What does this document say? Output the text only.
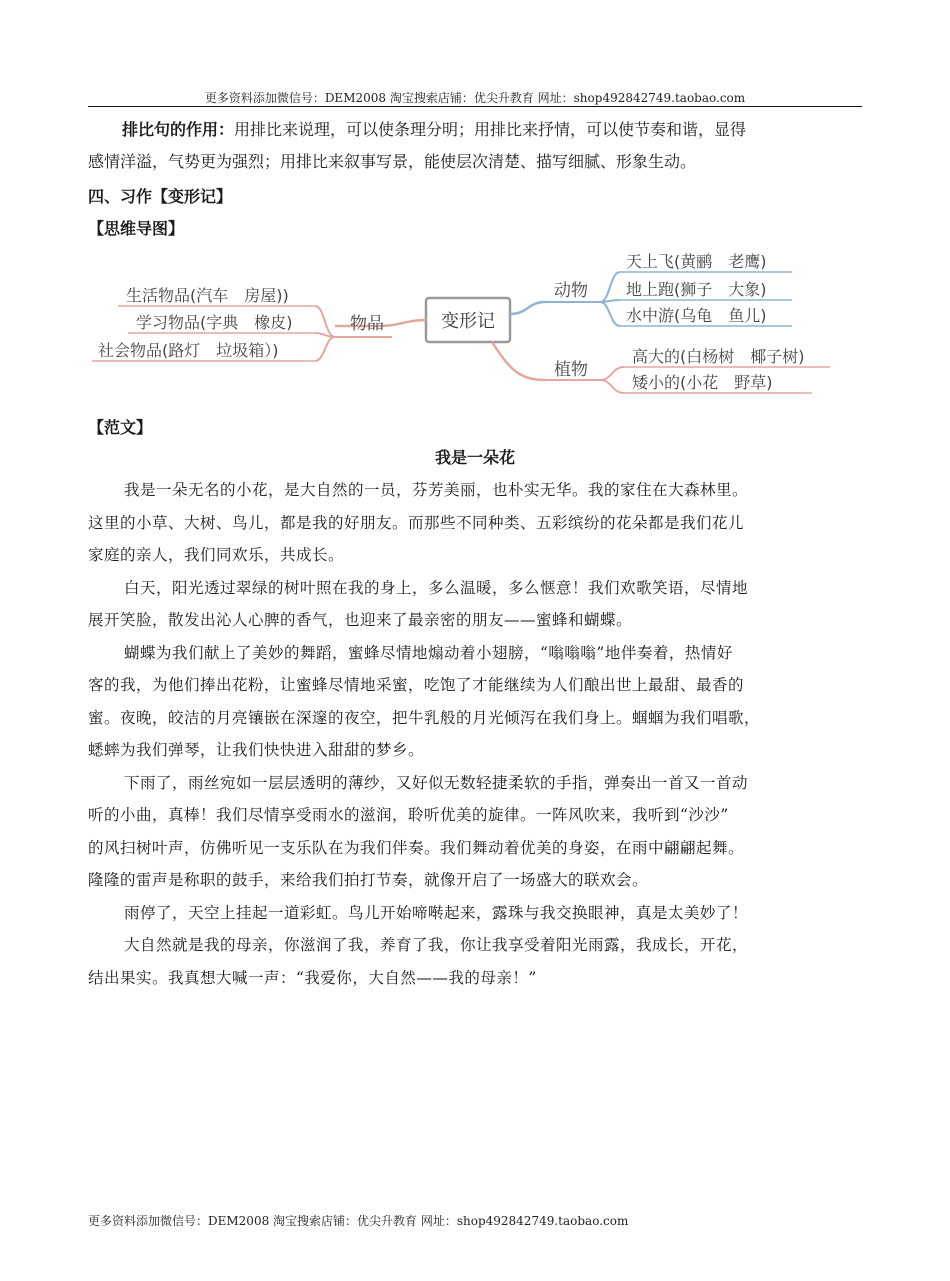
更多资料添加微信号：DEM2008 淘宝搜索店铺：优尖升教育 网址：shop492842749.taobao.com
排比句的作用：用排比来说理，可以使条理分明；用排比来抒情，可以使节奏和谐，显得
感情洋溢，气势更为强烈；用排比来叙事写景，能使层次清楚、描写细腻、形象生动。
四、习作【变形记】
【思维导图】
变形记
物品
生活物品(汽车　房屋))
学习物品(字典　橡皮)
社会物品(路灯　垃圾箱）)
动物
天上飞(黄鹂　老鹰)
地上跑(狮子　大象)
水中游(乌龟　鱼儿)
植物
高大的(白杨树　椰子树)
矮小的(小花　野草)
【范文】
我是一朵花
我是一朵无名的小花，是大自然的一员，芬芳美丽，也朴实无华。我的家住在大森林里。
这里的小草、大树、鸟儿，都是我的好朋友。而那些不同种类、五彩缤纷的花朵都是我们花儿
家庭的亲人，我们同欢乐，共成长。
白天，阳光透过翠绿的树叶照在我的身上，多么温暖，多么惬意！我们欢歌笑语，尽情地
展开笑脸，散发出沁人心脾的香气，也迎来了最亲密的朋友——蜜蜂和蝴蝶。
蝴蝶为我们献上了美妙的舞蹈，蜜蜂尽情地煽动着小翅膀，“嗡嗡嗡”地伴奏着，热情好
客的我，为他们捧出花粉，让蜜蜂尽情地采蜜，吃饱了才能继续为人们酿出世上最甜、最香的
蜜。夜晚，皎洁的月亮镶嵌在深邃的夜空，把牛乳般的月光倾泻在我们身上。蝈蝈为我们唱歌，
蟋蟀为我们弹琴，让我们快快进入甜甜的梦乡。
下雨了，雨丝宛如一层层透明的薄纱，又好似无数轻捷柔软的手指，弹奏出一首又一首动
听的小曲，真棒！我们尽情享受雨水的滋润，聆听优美的旋律。一阵风吹来，我听到“沙沙”
的风扫树叶声，仿佛听见一支乐队在为我们伴奏。我们舞动着优美的身姿，在雨中翩翩起舞。
隆隆的雷声是称职的鼓手，来给我们拍打节奏，就像开启了一场盛大的联欢会。
雨停了，天空上挂起一道彩虹。鸟儿开始啼啭起来，露珠与我交换眼神，真是太美妙了！
大自然就是我的母亲，你滋润了我，养育了我，你让我享受着阳光雨露，我成长，开花，
结出果实。我真想大喊一声：“我爱你，大自然——我的母亲！”
更多资料添加微信号：DEM2008 淘宝搜索店铺：优尖升教育 网址：shop492842749.taobao.com
